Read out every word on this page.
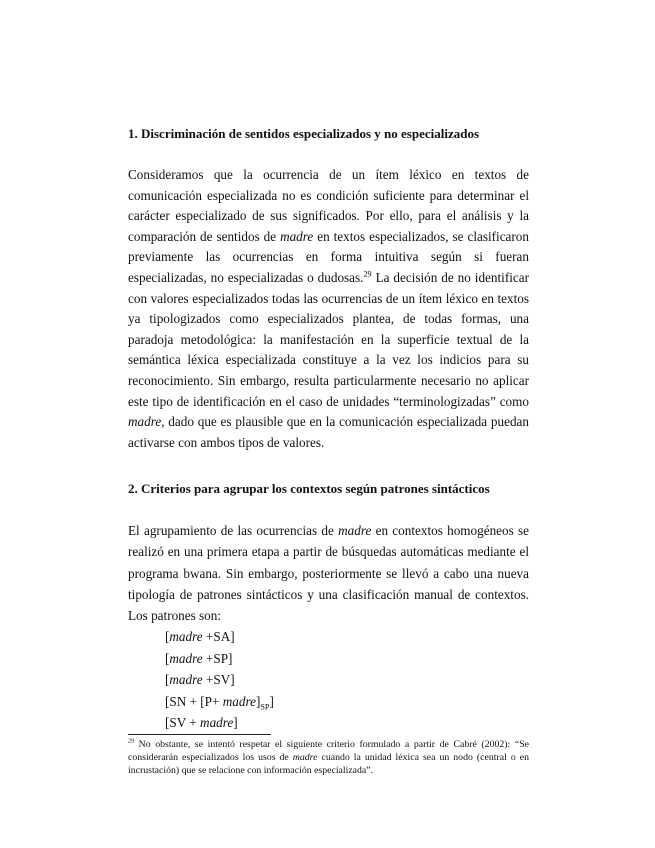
1. Discriminación de sentidos especializados y no especializados
Consideramos que la ocurrencia de un ítem léxico en textos de comunicación especializada no es condición suficiente para determinar el carácter especializado de sus significados. Por ello, para el análisis y la comparación de sentidos de madre en textos especializados, se clasificaron previamente las ocurrencias en forma intuitiva según si fueran especializadas, no especializadas o dudosas.$^{29}$ La decisión de no identificar con valores especializados todas las ocurrencias de un ítem léxico en textos ya tipologizados como especializados plantea, de todas formas, una paradoja metodológica: la manifestación en la superficie textual de la semántica léxica especializada constituye a la vez los indicios para su reconocimiento. Sin embargo, resulta particularmente necesario no aplicar este tipo de identificación en el caso de unidades “terminologizadas” como madre, dado que es plausible que en la comunicación especializada puedan activarse con ambos tipos de valores.
2. Criterios para agrupar los contextos según patrones sintácticos
El agrupamiento de las ocurrencias de madre en contextos homogéneos se realizó en una primera etapa a partir de búsquedas automáticas mediante el programa bwana. Sin embargo, posteriormente se llevó a cabo una nueva tipología de patrones sintácticos y una clasificación manual de contextos. Los patrones son:
[madre +SA]
[madre +SP]
[madre +SV]
$[SN + [P+ madre]_{SP}]$
[SV + madre]
$^{29}$ No obstante, se intentó respetar el siguiente criterio formulado a partir de Cabré (2002): “Se considerarán especializados los usos de madre cuando la unidad léxica sea un nodo (central o en incrustación) que se relacione con información especializada”.
